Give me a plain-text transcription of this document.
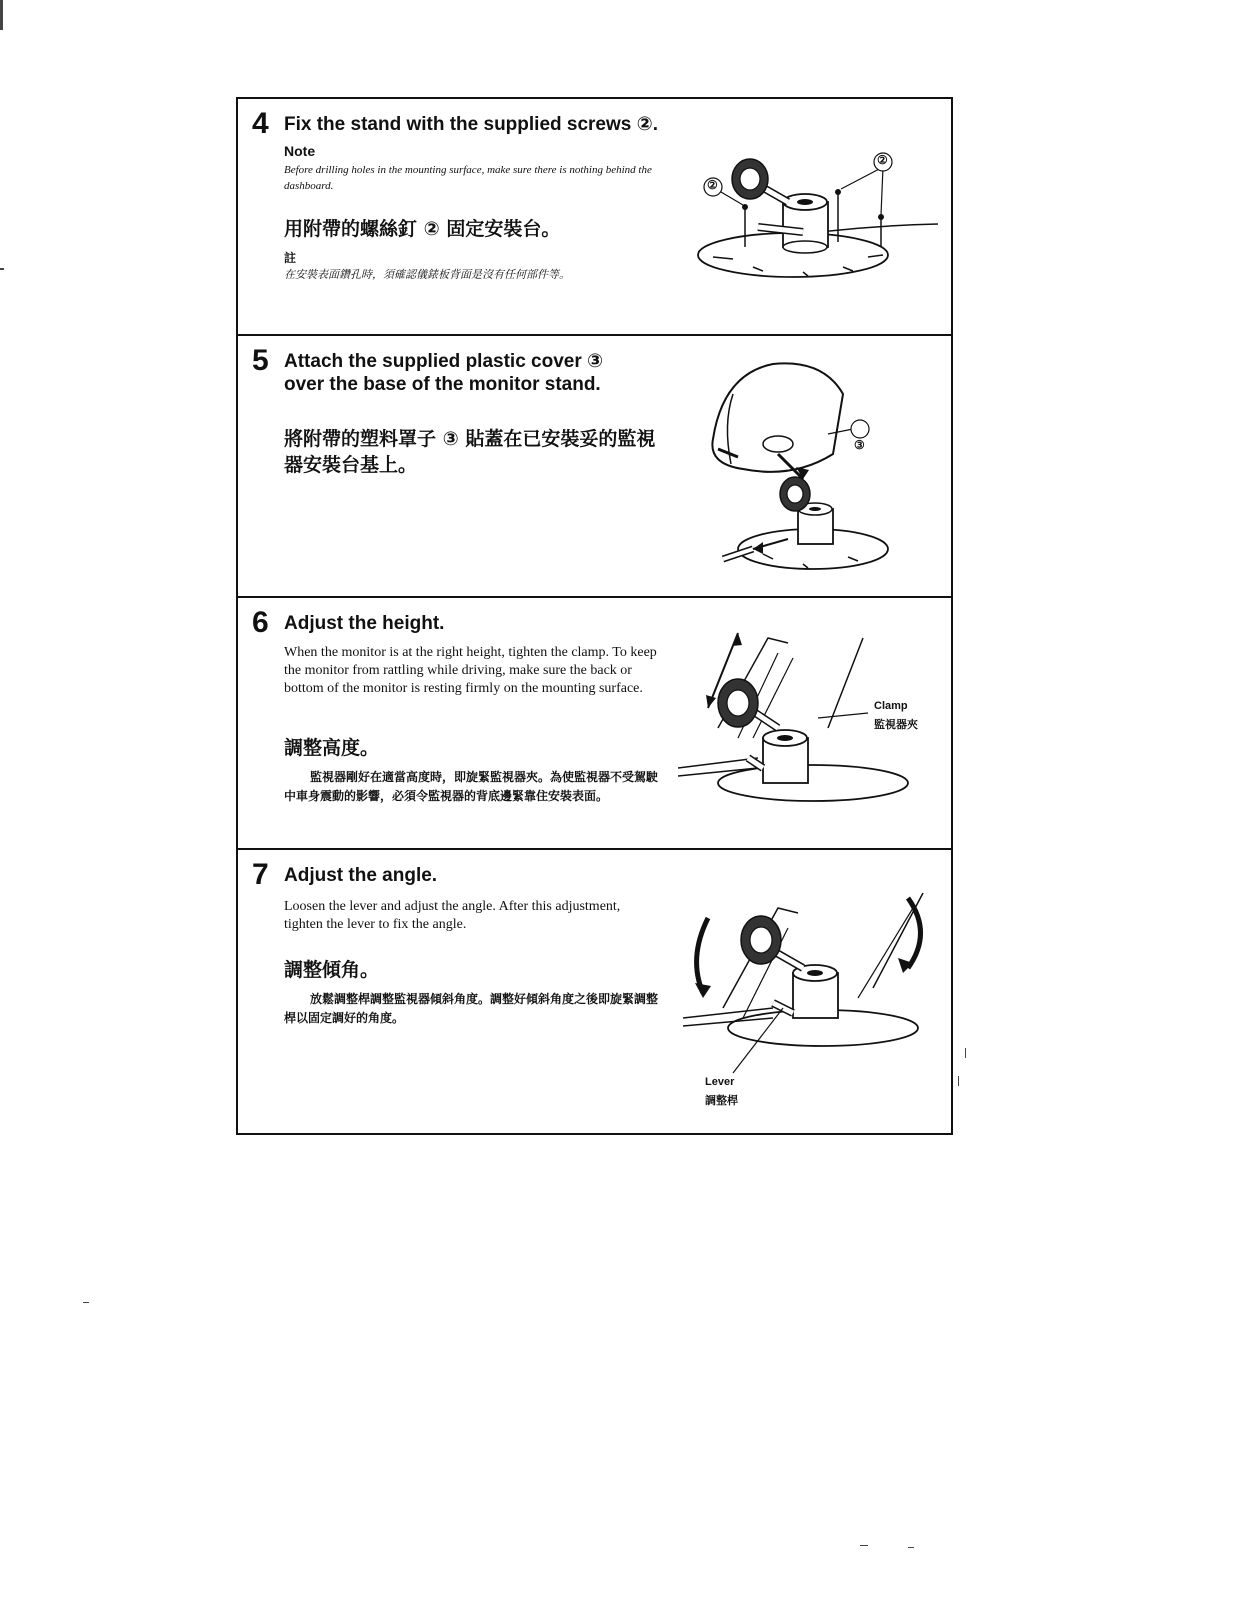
4 Fix the stand with the supplied screws ②.
Note
Before drilling holes in the mounting surface, make sure there is nothing behind the dashboard.
用附帶的螺絲釘 ② 固定安裝台。
註
在安裝表面鑽孔時，須確認儀錶板背面是沒有任何部件等。
②
②
5 Attach the supplied plastic cover ③
over the base of the monitor stand.
將附帶的塑料罩子 ③ 貼蓋在已安裝妥的監視器安裝台基上。
③
6 Adjust the height.
When the monitor is at the right height, tighten the clamp. To keep the monitor from rattling while driving, make sure the back or bottom of the monitor is resting firmly on the mounting surface.
調整高度。
監視器剛好在適當高度時，即旋緊監視器夾。為使監視器不受駕駛中車身震動的影響，必須令監視器的背底邊緊靠住安裝表面。
Clamp
監視器夾
7 Adjust the angle.
Loosen the lever and adjust the angle. After this adjustment, tighten the lever to fix the angle.
調整傾角。
放鬆調整桿調整監視器傾斜角度。調整好傾斜角度之後即旋緊調整桿以固定調好的角度。
Lever
調整桿
